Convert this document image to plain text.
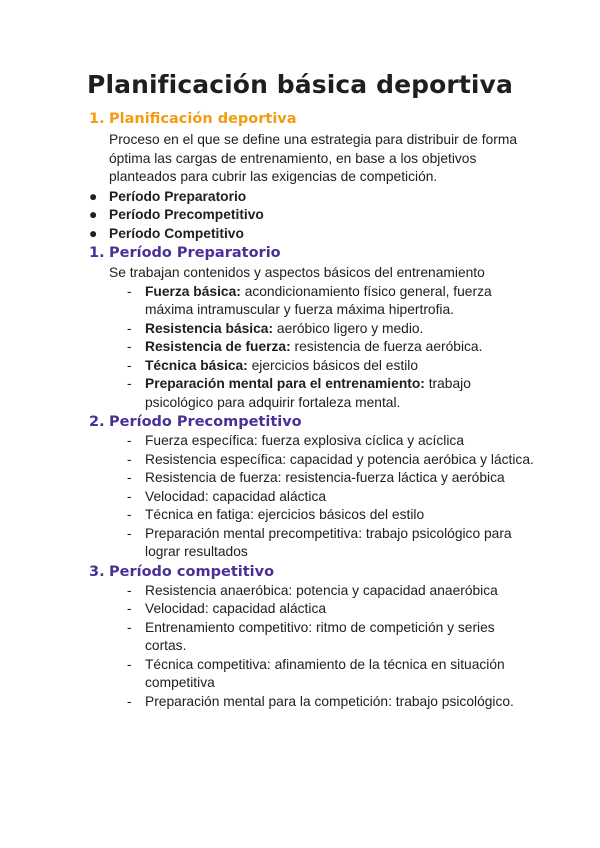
Planificación básica deportiva
1. Planificación deportiva
Proceso en el que se define una estrategia para distribuir de forma óptima las cargas de entrenamiento, en base a los objetivos planteados para cubrir las exigencias de competición.
● Período Preparatorio
● Período Precompetitivo
● Período Competitivo
1. Período Preparatorio
Se trabajan contenidos y aspectos básicos del entrenamiento
- Fuerza básica: acondicionamiento físico general, fuerza máxima intramuscular y fuerza máxima hipertrofia.
- Resistencia básica: aeróbico ligero y medio.
- Resistencia de fuerza: resistencia de fuerza aeróbica.
- Técnica básica: ejercicios básicos del estilo
- Preparación mental para el entrenamiento: trabajo psicológico para adquirir fortaleza mental.
2. Período Precompetitivo
- Fuerza específica: fuerza explosiva cíclica y acíclica
- Resistencia específica: capacidad y potencia aeróbica y láctica.
- Resistencia de fuerza: resistencia-fuerza láctica y aeróbica
- Velocidad: capacidad aláctica
- Técnica en fatiga: ejercicios básicos del estilo
- Preparación mental precompetitiva: trabajo psicológico para lograr resultados
3. Período competitivo
- Resistencia anaeróbica: potencia y capacidad anaeróbica
- Velocidad: capacidad aláctica
- Entrenamiento competitivo: ritmo de competición y series cortas.
- Técnica competitiva: afinamiento de la técnica en situación competitiva
- Preparación mental para la competición: trabajo psicológico.
